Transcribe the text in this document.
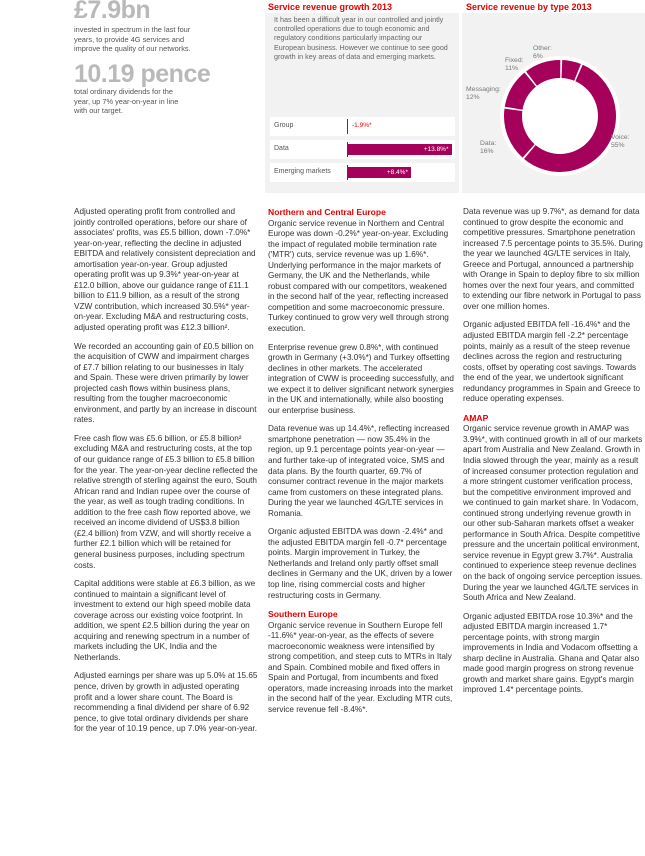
£7.9bn
invested in spectrum in the last four years, to provide 4G services and improve the quality of our networks.
10.19 pence
total ordinary dividends for the year, up 7% year-on-year in line with our target.
Service revenue growth 2013
It has been a difficult year in our controlled and jointly controlled operations due to tough economic and regulatory conditions particularly impacting our European business. However we continue to see good growth in key areas of data and emerging markets.
Group	-1.9%*
Data	+13.8%*
Emerging markets	+8.4%*
Service revenue by type 2013
Other:
6%
Fixed:
11%
Messaging:
12%
Data:
16%
Voice:
55%

Adjusted operating profit from controlled and jointly controlled operations, before our share of associates' profits, was £5.5 billion, down -7.0%* year-on-year, reflecting the decline in adjusted EBITDA and relatively consistent depreciation and amortisation year-on-year. Group adjusted operating profit was up 9.3%* year-on-year at £12.0 billion, above our guidance range of £11.1 billion to £11.9 billion, as a result of the strong VZW contribution, which increased 30.5%* year-on-year. Excluding M&A and restructuring costs, adjusted operating profit was £12.3 billion².

We recorded an accounting gain of £0.5 billion on the acquisition of CWW and impairment charges of £7.7 billion relating to our businesses in Italy and Spain. These were driven primarily by lower projected cash flows within business plans, resulting from the tougher macroeconomic environment, and partly by an increase in discount rates.

Free cash flow was £5.6 billion, or £5.8 billion² excluding M&A and restructuring costs, at the top of our guidance range of £5.3 billion to £5.8 billion for the year. The year-on-year decline reflected the relative strength of sterling against the euro, South African rand and Indian rupee over the course of the year, as well as tough trading conditions. In addition to the free cash flow reported above, we received an income dividend of US$3.8 billion (£2.4 billion) from VZW, and will shortly receive a further £2.1 billion which will be retained for general business purposes, including spectrum costs.

Capital additions were stable at £6.3 billion, as we continued to maintain a significant level of investment to extend our high speed mobile data coverage across our existing voice footprint. In addition, we spent £2.5 billion during the year on acquiring and renewing spectrum in a number of markets including the UK, India and the Netherlands.

Adjusted earnings per share was up 5.0% at 15.65 pence, driven by growth in adjusted operating profit and a lower share count. The Board is recommending a final dividend per share of 6.92 pence, to give total ordinary dividends per share for the year of 10.19 pence, up 7.0% year-on-year.

Northern and Central Europe

Organic service revenue in Northern and Central Europe was down -0.2%* year-on-year. Excluding the impact of regulated mobile termination rate ('MTR') cuts, service revenue was up 1.6%*. Underlying performance in the major markets of Germany, the UK and the Netherlands, while robust compared with our competitors, weakened in the second half of the year, reflecting increased competition and some macroeconomic pressure. Turkey continued to grow very well through strong execution.

Enterprise revenue grew 0.8%*, with continued growth in Germany (+3.0%*) and Turkey offsetting declines in other markets. The accelerated integration of CWW is proceeding successfully, and we expect it to deliver significant network synergies in the UK and internationally, while also boosting our enterprise business.

Data revenue was up 14.4%*, reflecting increased smartphone penetration — now 35.4% in the region, up 9.1 percentage points year-on-year — and further take-up of integrated voice, SMS and data plans. By the fourth quarter, 69.7% of consumer contract revenue in the major markets came from customers on these integrated plans. During the year we launched 4G/LTE services in Romania.

Organic adjusted EBITDA was down -2.4%* and the adjusted EBITDA margin fell -0.7* percentage points. Margin improvement in Turkey, the Netherlands and Ireland only partly offset small declines in Germany and the UK, driven by a lower top line, rising commercial costs and higher restructuring costs in Germany.

Southern Europe

Organic service revenue in Southern Europe fell -11.6%* year-on-year, as the effects of severe macroeconomic weakness were intensified by strong competition, and steep cuts to MTRs in Italy and Spain. Combined mobile and fixed offers in Spain and Portugal, from incumbents and fixed operators, made increasing inroads into the market in the second half of the year. Excluding MTR cuts, service revenue fell -8.4%*.

Data revenue was up 9.7%*, as demand for data continued to grow despite the economic and competitive pressures. Smartphone penetration increased 7.5 percentage points to 35.5%. During the year we launched 4G/LTE services in Italy, Greece and Portugal, announced a partnership with Orange in Spain to deploy fibre to six million homes over the next four years, and committed to extending our fibre network in Portugal to pass over one million homes.

Organic adjusted EBITDA fell -16.4%* and the adjusted EBITDA margin fell -2.2* percentage points, mainly as a result of the steep revenue declines across the region and restructuring costs, offset by operating cost savings. Towards the end of the year, we undertook significant redundancy programmes in Spain and Greece to reduce operating expenses.

AMAP

Organic service revenue growth in AMAP was 3.9%*, with continued growth in all of our markets apart from Australia and New Zealand. Growth in India slowed through the year, mainly as a result of increased consumer protection regulation and a more stringent customer verification process, but the competitive environment improved and we continued to gain market share. In Vodacom, continued strong underlying revenue growth in our other sub-Saharan markets offset a weaker performance in South Africa. Despite competitive pressure and the uncertain political environment, service revenue in Egypt grew 3.7%*. Australia continued to experience steep revenue declines on the back of ongoing service perception issues. During the year we launched 4G/LTE services in South Africa and New Zealand.

Organic adjusted EBITDA rose 10.3%* and the adjusted EBITDA margin increased 1.7* percentage points, with strong margin improvements in India and Vodacom offsetting a sharp decline in Australia. Ghana and Qatar also made good margin progress on strong revenue growth and market share gains. Egypt's margin improved 1.4* percentage points.
